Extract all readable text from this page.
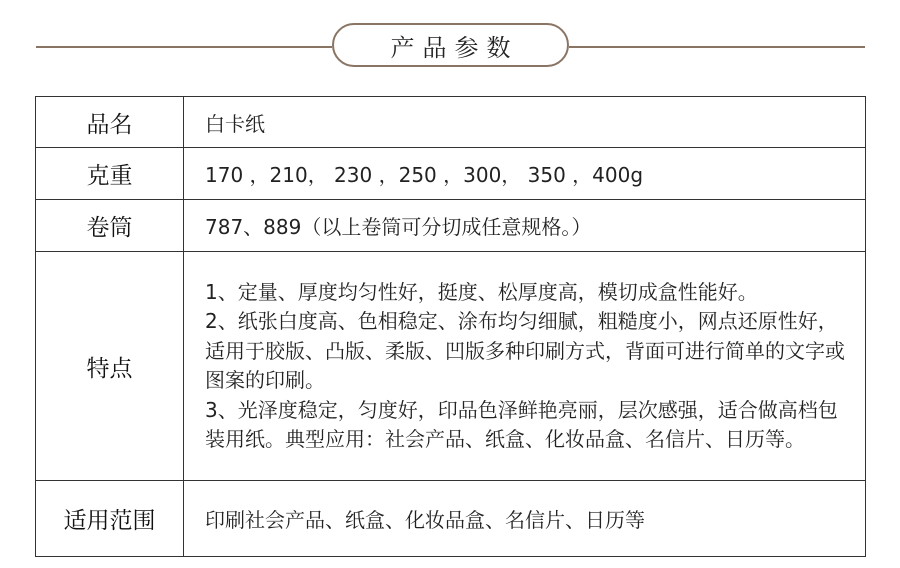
产品参数
品名	白卡纸
克重	170 ，210， 230 ，250 ，300， 350 ，400g
卷筒	787、889（以上卷筒可分切成任意规格。）
特点	1、定量、厚度均匀性好，挺度、松厚度高，模切成盒性能好。
2、纸张白度高、色相稳定、涂布均匀细腻，粗糙度小，网点还原性好，适用于胶版、凸版、柔版、凹版多种印刷方式，背面可进行简单的文字或图案的印刷。
3、光泽度稳定，匀度好，印品色泽鲜艳亮丽，层次感强，适合做高档包装用纸。典型应用：社会产品、纸盒、化妆品盒、名信片、日历等。

适用范围	印刷社会产品、纸盒、化妆品盒、名信片、日历等
